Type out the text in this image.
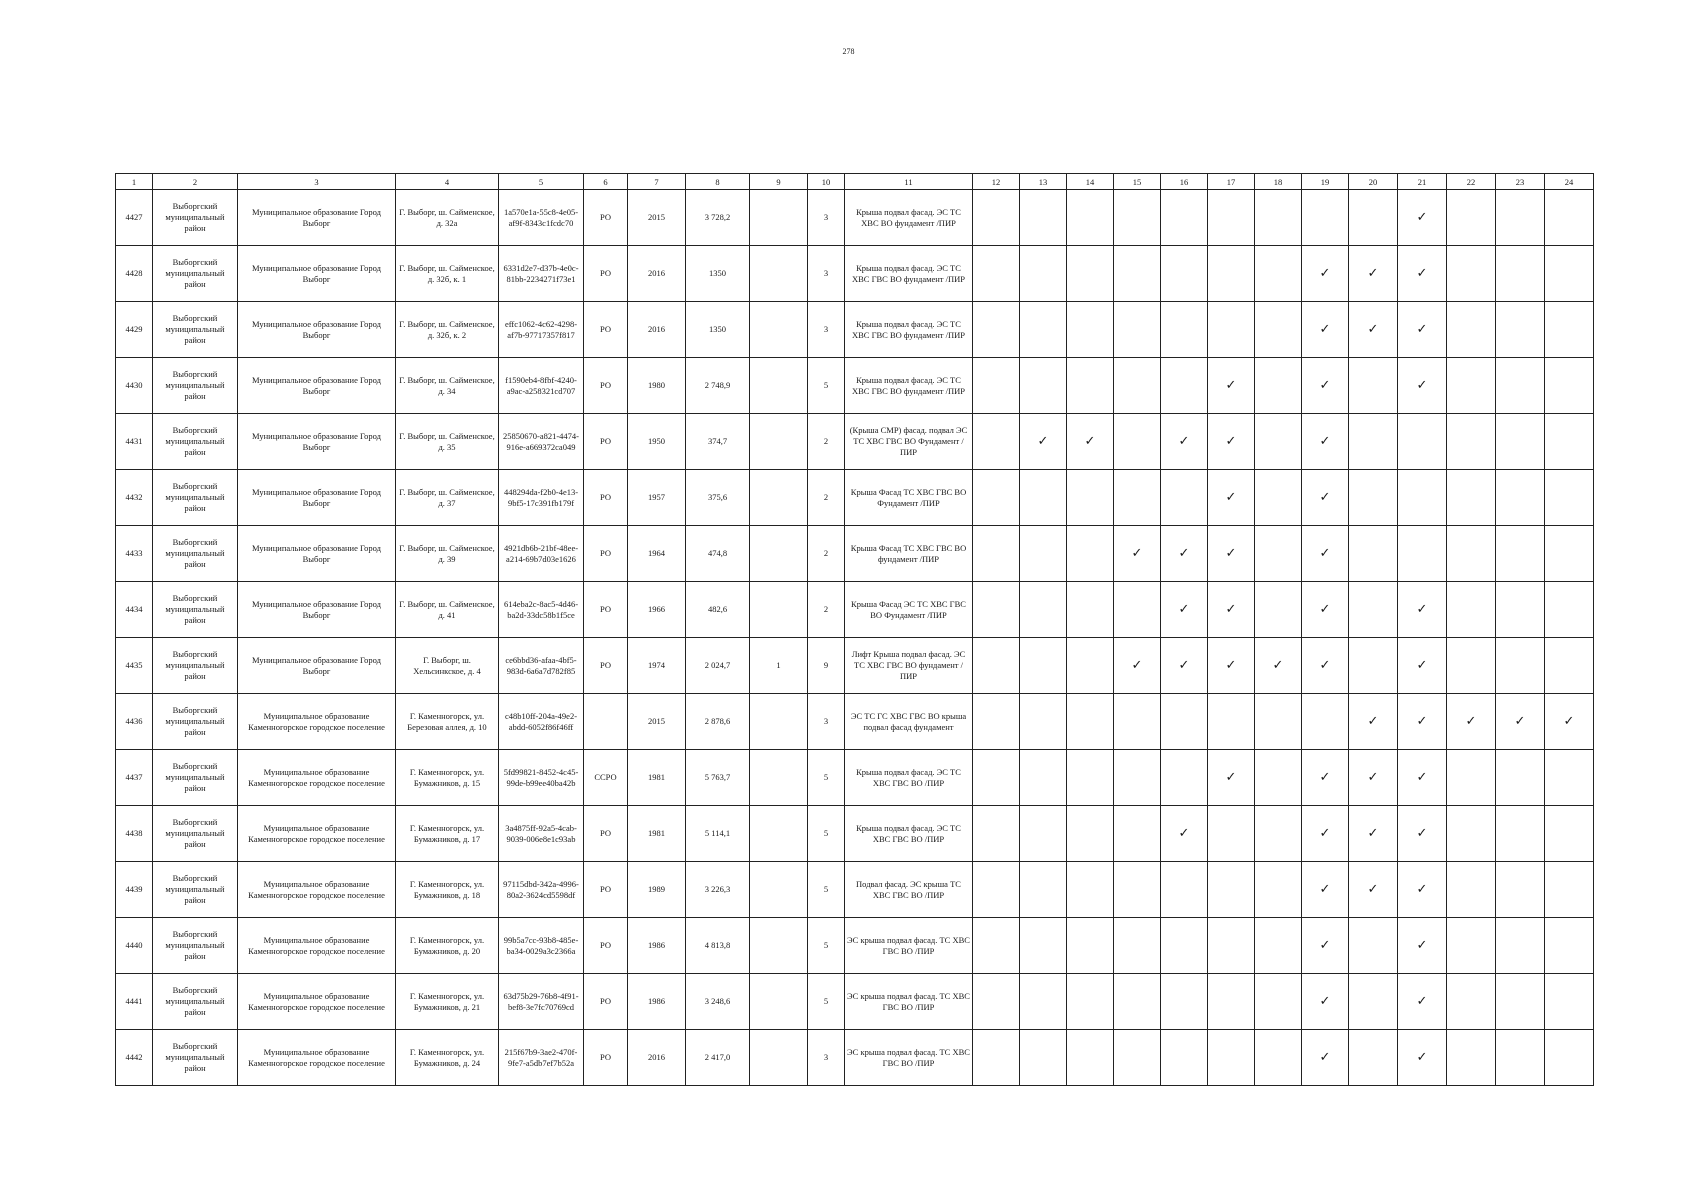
278
1	2	3	4	5	6	7	8	9	10	11	12	13	14	15	16	17	18	19	20	21	22	23	24
4427	Выборгский муниципальный район	Муниципальное образование Город Выборг	Г. Выборг, ш. Сайменское, д. 32а	1a570e1a-55c8-4e05-af9f-8343c1fcdc70	РО	2015	3 728,2		3	Крыша подвал фасад. ЭС ТС ХВС ВО фундамент /ПИР										✓			
4428	Выборгский муниципальный район	Муниципальное образование Город Выборг	Г. Выборг, ш. Сайменское, д. 32б, к. 1	6331d2e7-d37b-4e0c-81bb-2234271f73e1	РО	2016	1350		3	Крыша подвал фасад. ЭС ТС ХВС ГВС ВО фундамент /ПИР								✓	✓	✓			
4429	Выборгский муниципальный район	Муниципальное образование Город Выборг	Г. Выборг, ш. Сайменское, д. 32б, к. 2	effc1062-4c62-4298-af7b-97717357f817	РО	2016	1350		3	Крыша подвал фасад. ЭС ТС ХВС ГВС ВО фундамент /ПИР								✓	✓	✓			
4430	Выборгский муниципальный район	Муниципальное образование Город Выборг	Г. Выборг, ш. Сайменское, д. 34	f1590eb4-8fbf-4240-a9ac-a258321cd707	РО	1980	2 748,9		5	Крыша подвал фасад. ЭС ТС ХВС ГВС ВО фундамент /ПИР						✓		✓		✓			
4431	Выборгский муниципальный район	Муниципальное образование Город Выборг	Г. Выборг, ш. Сайменское, д. 35	25850670-a821-4474-916e-a669372ca049	РО	1950	374,7		2	(Крыша СМР) фасад. подвал ЭС ТС ХВС ГВС ВО Фундамент /ПИР		✓	✓		✓	✓		✓					
4432	Выборгский муниципальный район	Муниципальное образование Город Выборг	Г. Выборг, ш. Сайменское, д. 37	448294da-f2b0-4e13-9bf5-17c391fb179f	РО	1957	375,6		2	Крыша Фасад ТС ХВС ГВС ВО Фундамент /ПИР						✓		✓					
4433	Выборгский муниципальный район	Муниципальное образование Город Выборг	Г. Выборг, ш. Сайменское, д. 39	4921db6b-21bf-48ee-a214-69b7d03e1626	РО	1964	474,8		2	Крыша Фасад ТС ХВС ГВС ВО фундамент /ПИР				✓	✓	✓		✓					
4434	Выборгский муниципальный район	Муниципальное образование Город Выборг	Г. Выборг, ш. Сайменское, д. 41	614eba2c-8ac5-4d46-ba2d-33dc58b1f5ce	РО	1966	482,6		2	Крыша Фасад ЭС ТС ХВС ГВС ВО Фундамент /ПИР					✓	✓		✓		✓			
4435	Выборгский муниципальный район	Муниципальное образование Город Выборг	Г. Выборг, ш. Хельсинкское, д. 4	ce6bbd36-afaa-4bf5-983d-6a6a7d782f85	РО	1974	2 024,7	1	9	Лифт Крыша подвал фасад. ЭС ТС ХВС ГВС ВО фундамент /ПИР				✓	✓	✓	✓	✓		✓			
4436	Выборгский муниципальный район	Муниципальное образование Каменногорское городское поселение	Г. Каменногорск, ул. Березовая аллея, д. 10	c48b10ff-204a-49e2-abdd-6052f86f46ff		2015	2 878,6		3	ЭС ТС ГС ХВС ГВС ВО крыша подвал фасад фундамент									✓	✓	✓	✓	✓
4437	Выборгский муниципальный район	Муниципальное образование Каменногорское городское поселение	Г. Каменногорск, ул. Бумажников, д. 15	5fd99821-8452-4c45-99de-b99ee40ba42b	ССРО	1981	5 763,7		5	Крыша подвал фасад. ЭС ТС ХВС ГВС ВО /ПИР						✓		✓	✓	✓			
4438	Выборгский муниципальный район	Муниципальное образование Каменногорское городское поселение	Г. Каменногорск, ул. Бумажников, д. 17	3a4875ff-92a5-4cab-9039-006e8e1c93ab	РО	1981	5 114,1		5	Крыша подвал фасад. ЭС ТС ХВС ГВС ВО /ПИР					✓			✓	✓	✓			
4439	Выборгский муниципальный район	Муниципальное образование Каменногорское городское поселение	Г. Каменногорск, ул. Бумажников, д. 18	97115dbd-342a-4996-80a2-3624cd5598df	РО	1989	3 226,3		5	Подвал фасад. ЭС крыша ТС ХВС ГВС ВО /ПИР								✓	✓	✓			
4440	Выборгский муниципальный район	Муниципальное образование Каменногорское городское поселение	Г. Каменногорск, ул. Бумажников, д. 20	99b5a7cc-93b8-485e-ba34-0029a3c2366a	РО	1986	4 813,8		5	ЭС крыша подвал фасад. ТС ХВС ГВС ВО /ПИР								✓		✓			
4441	Выборгский муниципальный район	Муниципальное образование Каменногорское городское поселение	Г. Каменногорск, ул. Бумажников, д. 21	63d75b29-76b8-4f91-bef8-3e7fc70769cd	РО	1986	3 248,6		5	ЭС крыша подвал фасад. ТС ХВС ГВС ВО /ПИР								✓		✓			
4442	Выборгский муниципальный район	Муниципальное образование Каменногорское городское поселение	Г. Каменногорск, ул. Бумажников, д. 24	215f67b9-3ae2-470f-9fe7-a5db7ef7b52a	РО	2016	2 417,0		3	ЭС крыша подвал фасад. ТС ХВС ГВС ВО /ПИР								✓		✓			
